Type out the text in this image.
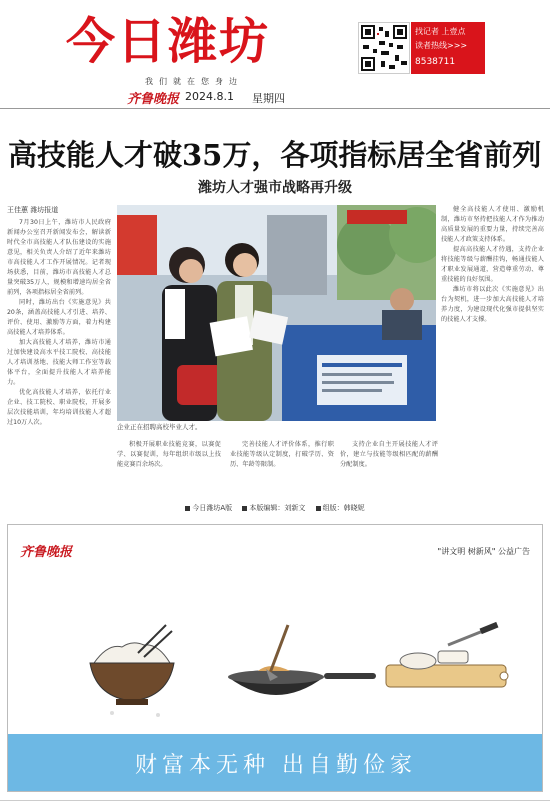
今日潍坊
我们就在您身边
齐鲁晚报 2024.8.1 星期四
找记者 上壹点
读者热线>>>
8538711
高技能人才破35万，各项指标居全省前列
潍坊人才强市战略再升级
王佳蕙 潍坊报道

7月30日上午，潍坊市人民政府新闻办公室召开新闻发布会，解读新时代全市高技能人才队伍建设的实施意见，相关负责人介绍了近年来潍坊市高技能人才工作开展情况。记者现场获悉，目前，潍坊市高技能人才总量突破35万人，规模和增速均居全省前列，各项指标居全省前列。

同时，潍坊出台《实施意见》共20条，涵盖高技能人才引进、培养、评价、使用、激励等方面，着力构建高技能人才培养体系。

加大高技能人才培养，潍坊市通过加快建设高水平技工院校、高技能人才培训基地、技能大师工作室等载体平台，全面提升技能人才培养能力。

优化高技能人才培养，依托行业企业、技工院校、职业院校，开展多层次技能培训，年均培训技能人才超过10万人次。

企业正在招聘高校毕业人才。

积极开展职业技能竞赛，以赛促学、以赛促训，每年组织市级以上技能竞赛百余场次。

完善技能人才评价体系，推行职业技能等级认定制度，打破学历、资历、年龄等限制。

支持企业自主开展技能人才评价，建立与技能等级相匹配的薪酬分配制度。

健全高技能人才使用、激励机制，潍坊市坚持把技能人才作为推动高质量发展的重要力量，持续完善高技能人才政策支持体系。

提高高技能人才待遇，支持企业将技能等级与薪酬挂钩，畅通技能人才职业发展通道，营造尊重劳动、尊重技能的良好氛围。

潍坊市将以此次《实施意见》出台为契机，进一步加大高技能人才培养力度，为建设现代化强市提供坚实的技能人才支撑。

今日潍坊A版 本版编辑：刘新文 组版：韩晓妮
齐鲁晚报	"讲文明 树新风" 公益广告
财富本无种 出自勤俭家
